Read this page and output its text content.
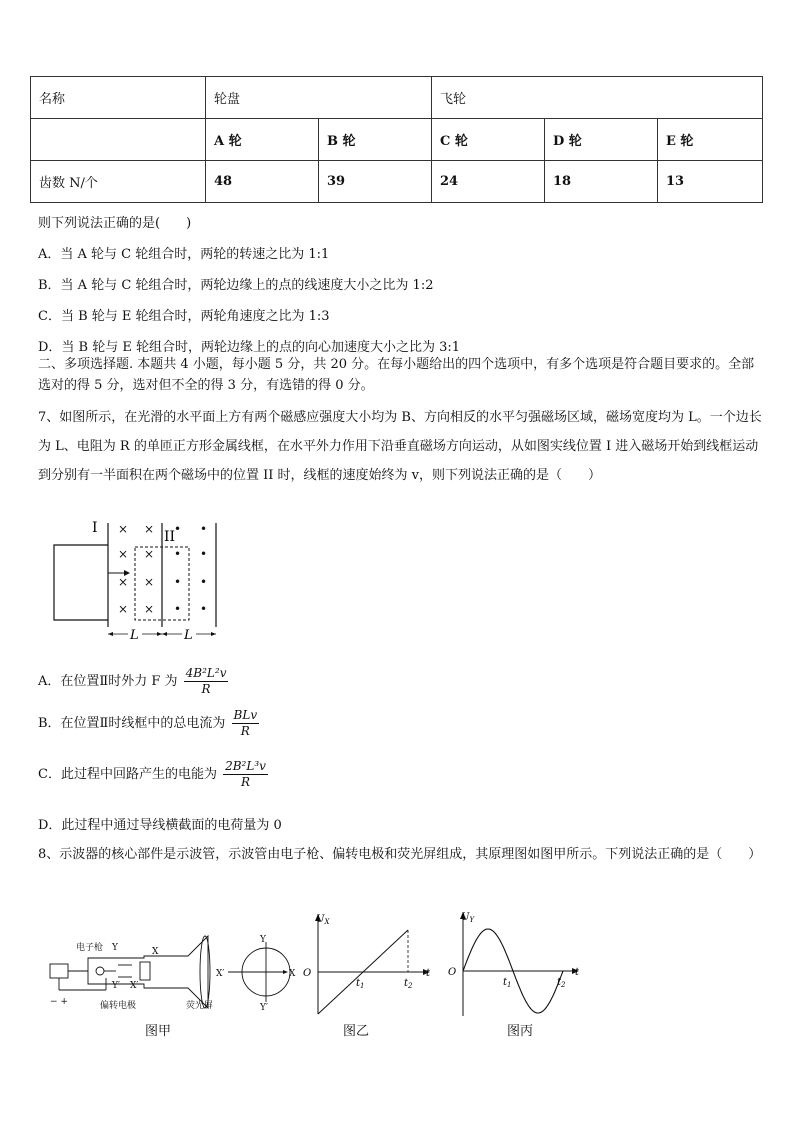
名称	轮盘		飞轮		
	A 轮	B 轮	C 轮	D 轮	E 轮
齿数 N/个	48	39	24	18	13
则下列说法正确的是(　　)
A．当 A 轮与 C 轮组合时，两轮的转速之比为 1:1
B．当 A 轮与 C 轮组合时，两轮边缘上的点的线速度大小之比为 1:2
C．当 B 轮与 E 轮组合时，两轮角速度之比为 1:3
D．当 B 轮与 E 轮组合时，两轮边缘上的点的向心加速度大小之比为 3:1
二、多项选择题. 本题共 4 小题，每小题 5 分，共 20 分。在每小题给出的四个选项中，有多个选项是符合题目要求的。全部选对的得 5 分，选对但不全的得 3 分，有选错的得 0 分。
7、如图所示，在光滑的水平面上方有两个磁感应强度大小均为 B、方向相反的水平匀强磁场区域，磁场宽度均为 L。一个边长为 L、电阻为 R 的单匝正方形金属线框，在水平外力作用下沿垂直磁场方向运动，从如图实线位置 I 进入磁场开始到线框运动到分别有一半面积在两个磁场中的位置 II 时，线框的速度始终为 v，则下列说法正确的是（　　）
I
II
× ×
× ×
× ×
× ×
• •
• •
• •
• •
L	L
A．在位置Ⅱ时外力 F 为 $\frac{\text{4B²L²v}}{R}$
B．在位置Ⅱ时线框中的总电流为 $\frac{\text{BLv}}{R}$
C．此过程中回路产生的电能为 $\frac{\text{2B²L³v}}{R}$
D．此过程中通过导线横截面的电荷量为 0
8、示波器的核心部件是示波管，示波管由电子枪、偏转电极和荧光屏组成，其原理图如图甲所示。下列说法正确的是（　　）
电子枪 Y	X
Y′ X′
− +	偏转电极	荧光屏
X′	X
Y
Y′
图甲
$U_X$
O
$t_1$	$t_2$
t
图乙
$U_Y$
O
$t_1$	$t_2$
t
图丙
